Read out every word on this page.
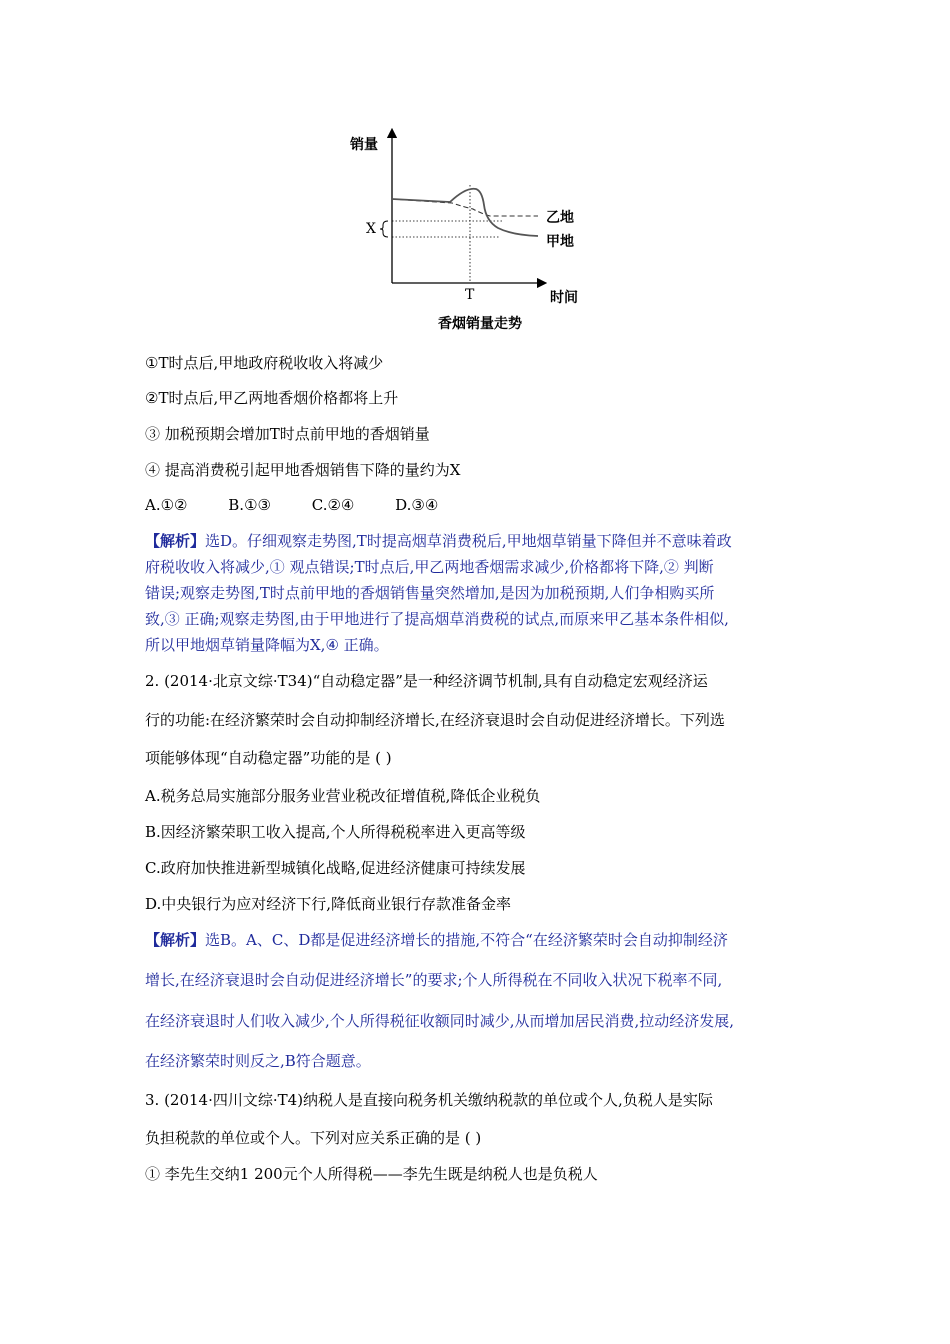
销量
时间
T
X
乙地
甲地
香烟销量走势
①T时点后,甲地政府税收收入将减少
②T时点后,甲乙两地香烟价格都将上升
③ 加税预期会增加T时点前甲地的香烟销量
④ 提高消费税引起甲地香烟销售下降的量约为X
A.①②	B.①③	C.②④	D.③④
【解析】选D。仔细观察走势图,T时提高烟草消费税后,甲地烟草销量下降但并不意味着政
府税收收入将减少,① 观点错误;T时点后,甲乙两地香烟需求减少,价格都将下降,② 判断
错误;观察走势图,T时点前甲地的香烟销售量突然增加,是因为加税预期,人们争相购买所
致,③ 正确;观察走势图,由于甲地进行了提高烟草消费税的试点,而原来甲乙基本条件相似,
所以甲地烟草销量降幅为X,④ 正确。
2. (2014·北京文综·T34)“自动稳定器”是一种经济调节机制,具有自动稳定宏观经济运
行的功能:在经济繁荣时会自动抑制经济增长,在经济衰退时会自动促进经济增长。下列选
项能够体现“自动稳定器”功能的是 ( )
A.税务总局实施部分服务业营业税改征增值税,降低企业税负
B.因经济繁荣职工收入提高,个人所得税税率进入更高等级
C.政府加快推进新型城镇化战略,促进经济健康可持续发展
D.中央银行为应对经济下行,降低商业银行存款准备金率
【解析】选B。A、C、D都是促进经济增长的措施,不符合“在经济繁荣时会自动抑制经济
增长,在经济衰退时会自动促进经济增长”的要求;个人所得税在不同收入状况下税率不同,
在经济衰退时人们收入减少,个人所得税征收额同时减少,从而增加居民消费,拉动经济发展,
在经济繁荣时则反之,B符合题意。
3. (2014·四川文综·T4)纳税人是直接向税务机关缴纳税款的单位或个人,负税人是实际
负担税款的单位或个人。下列对应关系正确的是 ( )
① 李先生交纳1 200元个人所得税——李先生既是纳税人也是负税人
